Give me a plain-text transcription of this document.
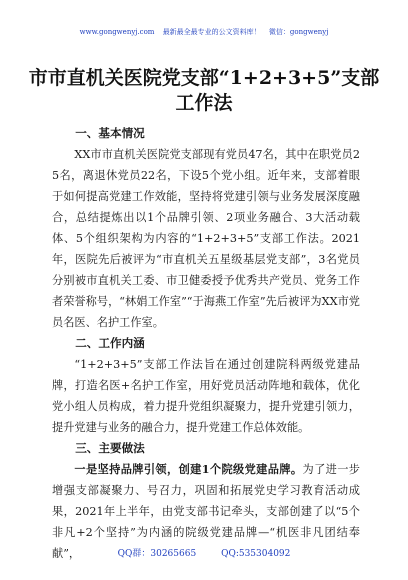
www.gongwenyj.com 最新最全最专业的公文资料库！ 微信：gongwenyj
市市直机关医院党支部“1+2+3+5”支部
工作法
一、基本情况

XX市市直机关医院党支部现有党员47名，其中在职党员25名，离退休党员22名，下设5个党小组。近年来，支部着眼于如何提高党建工作效能，坚持将党建引领与业务发展深度融合，总结提炼出以1个品牌引领、2项业务融合、3大活动载体、5个组织架构为内容的“1+2+3+5”支部工作法。2021年，医院先后被评为“市直机关五星级基层党支部”，3名党员分别被市直机关工委、市卫健委授予优秀共产党员、党务工作者荣誉称号，“林娟工作室”“于海燕工作室”先后被评为XX市党员名医、名护工作室。

二、工作内涵

“1+2+3+5”支部工作法旨在通过创建院科两级党建品牌，打造名医+名护工作室，用好党员活动阵地和载体，优化党小组人员构成，着力提升党组织凝聚力，提升党建引领力，提升党建与业务的融合力，提升党建工作总体效能。

三、主要做法

一是坚持品牌引领，创建1个院级党建品牌。为了进一步增强支部凝聚力、号召力，巩固和拓展党史学习教育活动成果，2021年上半年，由党支部书记牵头，支部创建了以“5个非凡+2个坚持”为内涵的院级党建品牌—“机医非凡团结奉献”，	QQ群：30265665	QQ:535304092
